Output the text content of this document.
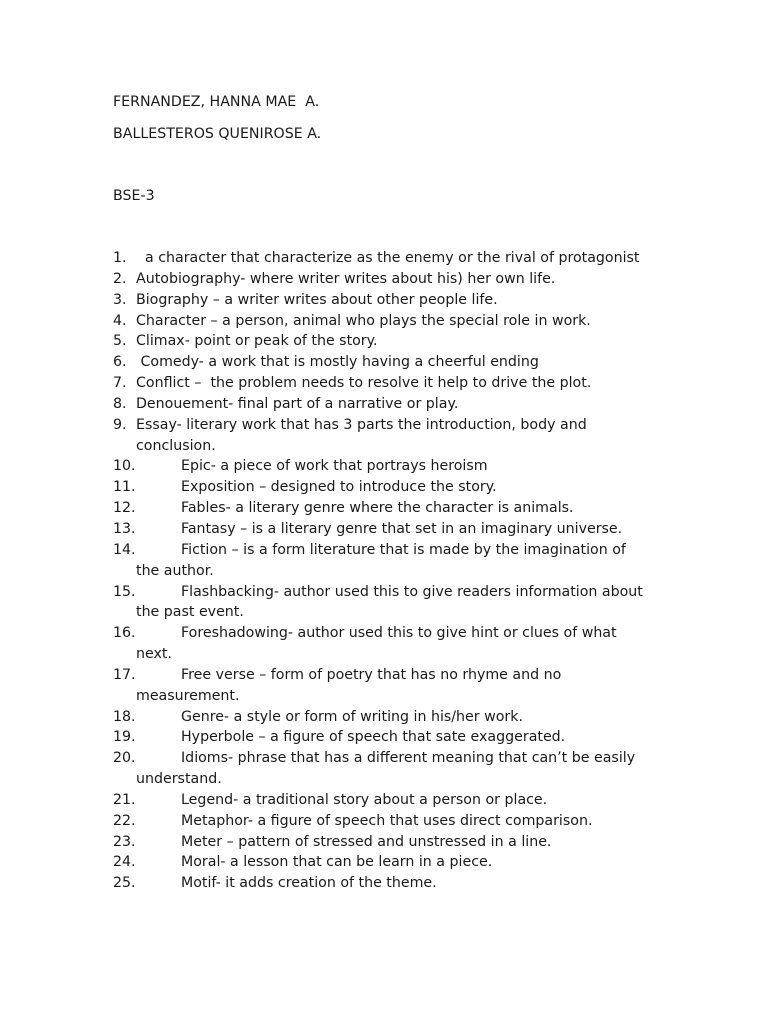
FERNANDEZ, HANNA MAE  A.
BALLESTEROS QUENIROSE A.
BSE-3
1. a character that characterize as the enemy or the rival of protagonist
2. Autobiography- where writer writes about his) her own life.
3. Biography – a writer writes about other people life.
4. Character – a person, animal who plays the special role in work.
5. Climax- point or peak of the story.
6. Comedy- a work that is mostly having a cheerful ending
7. Conflict –  the problem needs to resolve it help to drive the plot.
8. Denouement- final part of a narrative or play.
9. Essay- literary work that has 3 parts the introduction, body and
conclusion.
10.	Epic- a piece of work that portrays heroism
11.	Exposition – designed to introduce the story.
12.	Fables- a literary genre where the character is animals.
13.	Fantasy – is a literary genre that set in an imaginary universe.
14.	Fiction – is a form literature that is made by the imagination of
the author.
15.	Flashbacking- author used this to give readers information about
the past event.
16.	Foreshadowing- author used this to give hint or clues of what
next.
17.	Free verse – form of poetry that has no rhyme and no
measurement.
18.	Genre- a style or form of writing in his/her work.
19.	Hyperbole – a figure of speech that sate exaggerated.
20.	Idioms- phrase that has a different meaning that can’t be easily
understand.
21.	Legend- a traditional story about a person or place.
22.	Metaphor- a figure of speech that uses direct comparison.
23.	Meter – pattern of stressed and unstressed in a line.
24.	Moral- a lesson that can be learn in a piece.
25.	Motif- it adds creation of the theme.
